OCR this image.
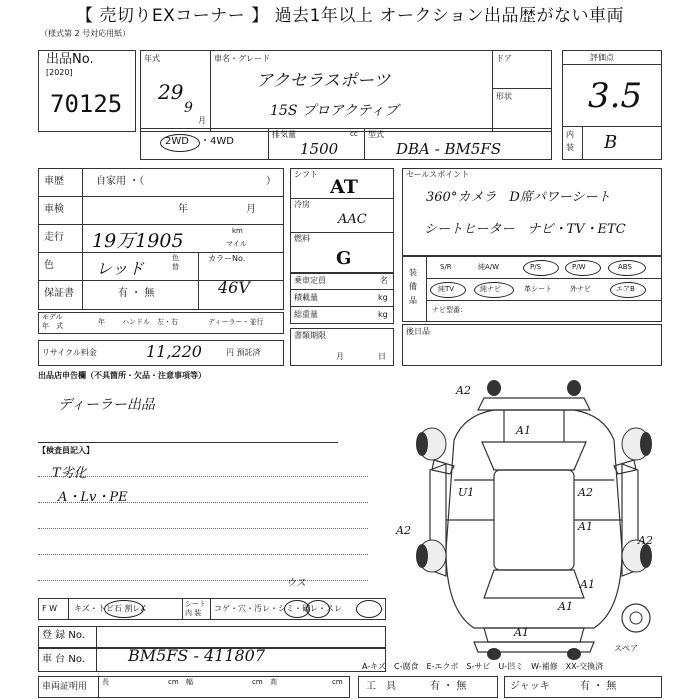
【 売切りEXコーナー 】 過去1年以上 オークション出品歴がない車両
（様式第 2 号対応用紙）
出品No.
[2020]
70125
年式
29
9
月
車名・グレード
アクセラスポーツ
15S プロアクティブ
ドア
形状
評価点
3.5
内装 B
2WD ・4WD
排気量	cc
1500
型式
DBA - BM5FS
車歴	自家用 ・（	）
車検	年	月
走行 19万1905	km
マイル
色	レッド
色替
カラーNo.
46V
保証書	有 ・ 無
モデル
年　式	年 ハンドル　左・右	ディーラー・並行
リサイクル料金	11,220	円 預託済
シフト
AT
冷房
AAC
燃料
G
乗車定員	名
積載量	kg
総重量	kg
書類期限
月	日
セールスポイント
360°カメラ　D席パワーシート
シートヒーター　ナビ・TV・ETC
装備品
S/R	純A/W	P/S	P/W	ABS
純TV	純ナビ	革シート	外ナビ	エアB
ナビ型番：
後日品
出品店申告欄（不具箇所・欠品・注意事項等）
ディーラー出品
【検査員記入】
T劣化
A・Lv・PE
A2
A1
U1	A2
A2	A1
A2
A1
A1
A1
スペア
ウス
F W キズ・トビ石 割レX	シート内 装	コゲ・穴・汚レ・シミ・破レ・スレ
登 録 No.
車 台 No.	BM5FS - 411807
A-キズ　C-腐食　E-エクボ　S-サビ　U-凹ミ　W-補修　XX-交換済
車両証明用 長	cm 幅	cm 高	cm 工　具	有 ・ 無	ジャッキ	有 ・ 無
